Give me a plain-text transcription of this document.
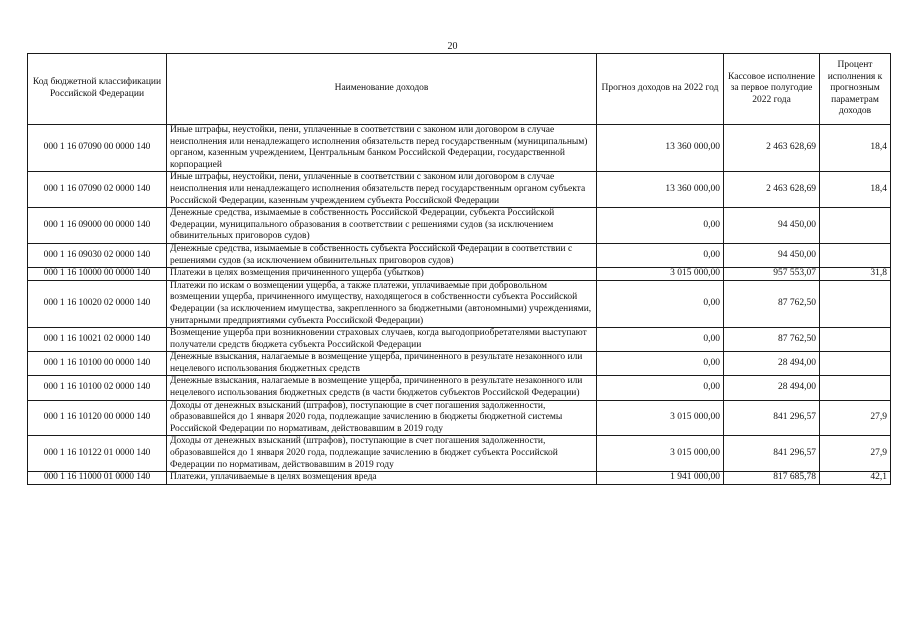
20
Код бюджетной классификации Российской Федерации	Наименование доходов	Прогноз доходов на 2022 год	Кассовое исполнение за первое полугодие 2022 года	Процент исполнения к прогнозным параметрам доходов
000 1 16 07090 00 0000 140	Иные штрафы, неустойки, пени, уплаченные в соответствии с законом или договором в случае неисполнения или ненадлежащего исполнения обязательств перед государственным (муниципальным) органом, казенным учреждением, Центральным банком Российской Федерации, государственной корпорацией	13 360 000,00	2 463 628,69	18,4
000 1 16 07090 02 0000 140	Иные штрафы, неустойки, пени, уплаченные в соответствии с законом или договором в случае неисполнения или ненадлежащего исполнения обязательств перед государственным органом субъекта Российской Федерации, казенным учреждением субъекта Российской Федерации	13 360 000,00	2 463 628,69	18,4
000 1 16 09000 00 0000 140	Денежные средства, изымаемые в собственность Российской Федерации, субъекта Российской Федерации, муниципального образования в соответствии с решениями судов (за исключением обвинительных приговоров судов)	0,00	94 450,00	
000 1 16 09030 02 0000 140	Денежные средства, изымаемые в собственность субъекта Российской Федерации в соответствии с решениями судов (за исключением обвинительных приговоров судов)	0,00	94 450,00	
000 1 16 10000 00 0000 140	Платежи в целях возмещения причиненного ущерба (убытков)	3 015 000,00	957 553,07	31,8
000 1 16 10020 02 0000 140	Платежи по искам о возмещении ущерба, а также платежи, уплачиваемые при добровольном возмещении ущерба, причиненного имуществу, находящегося в собственности субъекта Российской Федерации (за исключением имущества, закрепленного за бюджетными (автономными) учреждениями, унитарными предприятиями субъекта Российской Федерации)	0,00	87 762,50	
000 1 16 10021 02 0000 140	Возмещение ущерба при возникновении страховых случаев, когда выгодоприобретателями выступают получатели средств бюджета субъекта Российской Федерации	0,00	87 762,50	
000 1 16 10100 00 0000 140	Денежные взыскания, налагаемые в возмещение ущерба, причиненного в результате незаконного или нецелевого использования бюджетных средств	0,00	28 494,00	
000 1 16 10100 02 0000 140	Денежные взыскания, налагаемые в возмещение ущерба, причиненного в результате незаконного или нецелевого использования бюджетных средств (в части бюджетов субъектов Российской Федерации)	0,00	28 494,00	
000 1 16 10120 00 0000 140	Доходы от денежных взысканий (штрафов), поступающие в счет погашения задолженности, образовавшейся до 1 января 2020 года, подлежащие зачислению в бюджеты бюджетной системы Российской Федерации по нормативам, действовавшим в 2019 году	3 015 000,00	841 296,57	27,9
000 1 16 10122 01 0000 140	Доходы от денежных взысканий (штрафов), поступающие в счет погашения задолженности, образовавшейся до 1 января 2020 года, подлежащие зачислению в бюджет субъекта Российской Федерации по нормативам, действовавшим в 2019 году	3 015 000,00	841 296,57	27,9
000 1 16 11000 01 0000 140	Платежи, уплачиваемые в целях возмещения вреда	1 941 000,00	817 685,78	42,1
